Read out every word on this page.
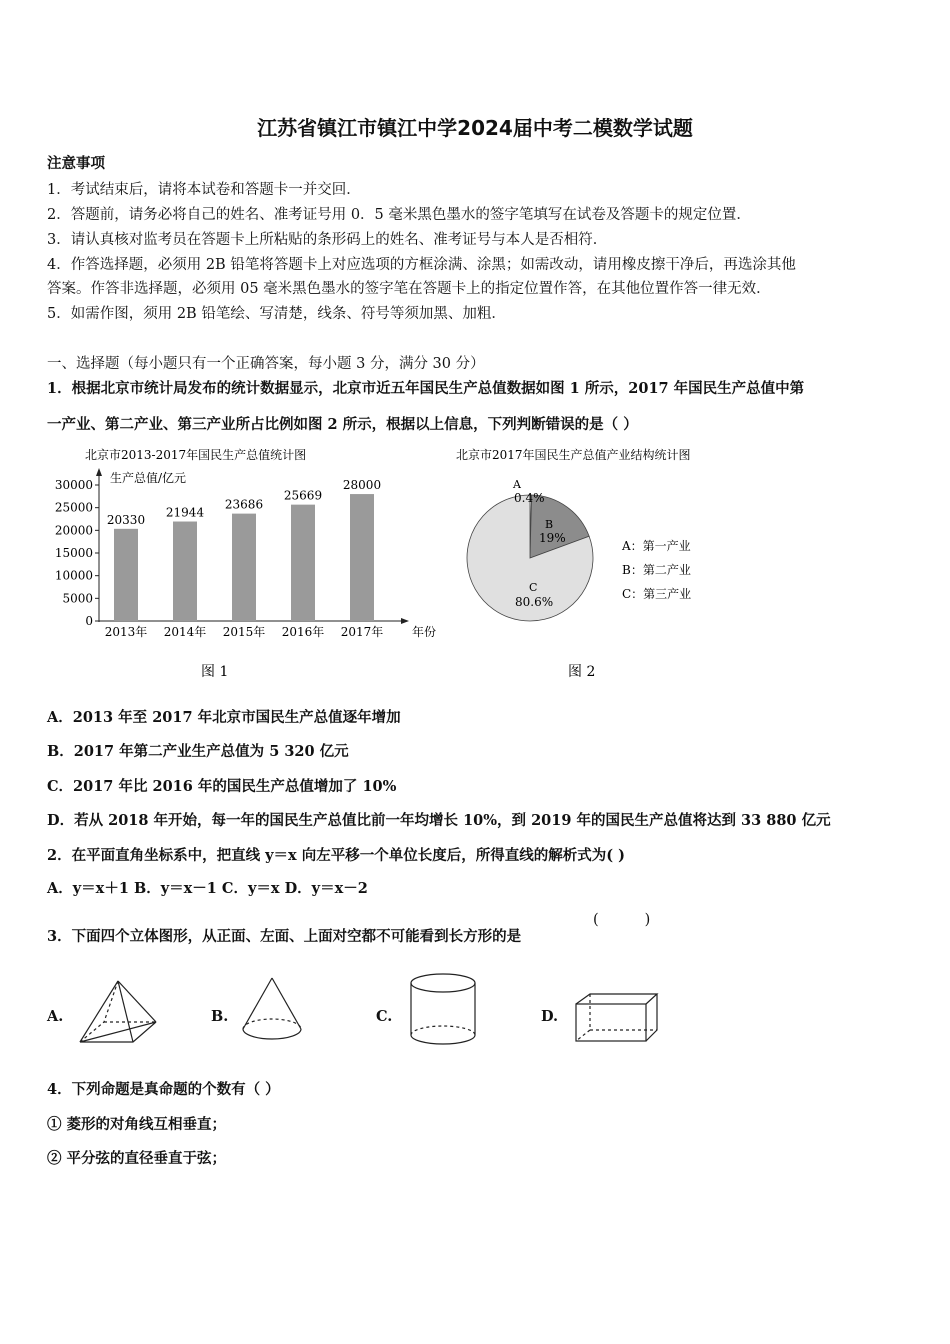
江苏省镇江市镇江中学2024届中考二模数学试题
注意事项
1．考试结束后，请将本试卷和答题卡一并交回．
2．答题前，请务必将自己的姓名、准考证号用 0．5 毫米黑色墨水的签字笔填写在试卷及答题卡的规定位置．
3．请认真核对监考员在答题卡上所粘贴的条形码上的姓名、准考证号与本人是否相符．
4．作答选择题，必须用 2B 铅笔将答题卡上对应选项的方框涂满、涂黑；如需改动，请用橡皮擦干净后，再选涂其他
答案。作答非选择题，必须用 05 毫米黑色墨水的签字笔在答题卡上的指定位置作答，在其他位置作答一律无效．
5．如需作图，须用 2B 铅笔绘、写清楚，线条、符号等须加黑、加粗．
一、选择题（每小题只有一个正确答案，每小题 3 分，满分 30 分）
1．根据北京市统计局发布的统计数据显示，北京市近五年国民生产总值数据如图 1 所示，2017 年国民生产总值中第
一产业、第二产业、第三产业所占比例如图 2 所示，根据以上信息，下列判断错误的是（ ）
北京市2013-2017年国民生产总值统计图
生产总值/亿元
年份
30000
25000
20000
15000
10000
5000
0
20330
2013年
21944
2014年
23686
2015年
25669
2016年
28000
2017年
图 1
北京市2017年国民生产总值产业结构统计图
A
0.4%
B
19%
C
80.6%
A：第一产业
B：第二产业
C：第三产业
图 2
A．2013 年至 2017 年北京市国民生产总值逐年增加
B．2017 年第二产业生产总值为 5 320 亿元
C．2017 年比 2016 年的国民生产总值增加了 10%
D．若从 2018 年开始，每一年的国民生产总值比前一年均增长 10%，到 2019 年的国民生产总值将达到 33 880 亿元
2．在平面直角坐标系中，把直线 y＝x 向左平移一个单位长度后，所得直线的解析式为( )
A．y＝x＋1 B．y＝x－1 C．y＝x D．y＝x－2
3．下面四个立体图形，从正面、左面、上面对空都不可能看到长方形的是
(	)
A.	B.	C.	D.
4．下列命题是真命题的个数有（ ）
① 菱形的对角线互相垂直；
② 平分弦的直径垂直于弦；
